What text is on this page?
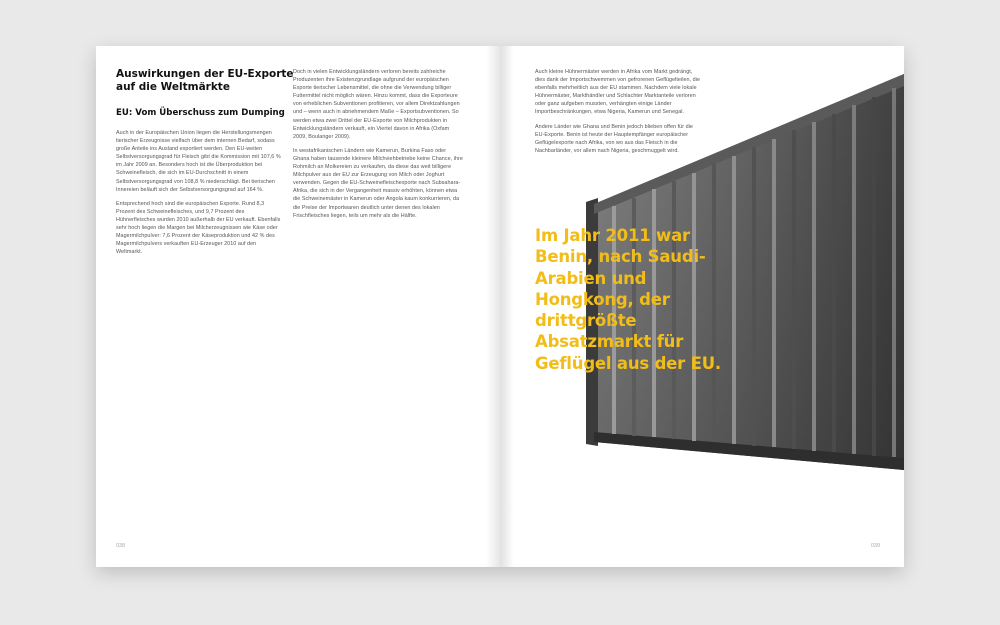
Auswirkungen der EU-Exporte auf die Weltmärkte
EU: Vom Überschuss zum Dumping

Auch in der Europäischen Union liegen die Herstellungsmengen tierischer Erzeugnisse vielfach über dem internen Bedarf, sodass große Anteile ins Ausland exportiert werden. Den EU-weiten Selbstversorgungsgrad für Fleisch gibt die Kommission mit 107,6 % im Jahr 2009 an. Besonders hoch ist die Überproduktion bei Schweinefleisch, die sich im EU-Durchschnitt in einem Selbstversorgungsgrad von 108,8 % niederschlägt. Bei tierischen Innereien beläuft sich der Selbstversorgungsgrad auf 164 %.

Entsprechend hoch sind die europäischen Exporte. Rund 8,3 Prozent des Schweinefleisches, und 9,7 Prozent des Hühnerfleisches wurden 2010 außerhalb der EU verkauft. Ebenfalls sehr hoch liegen die Margen bei Milcherzeugnissen wie Käse oder Magermilchpulver: 7,6 Prozent der Käseproduktion und 42 % des Magermilchpulvers verkauften EU-Erzeuger 2010 auf den Weltmarkt.

Doch in vielen Entwicklungsländern verloren bereits zahlreiche Produzenten ihre Existenzgrundlage aufgrund der europäischen Exporte tierischer Lebensmittel, die ohne die Verwendung billiger Futtermittel nicht möglich wären. Hinzu kommt, dass die Exporteure von erheblichen Subventionen profitieren, vor allem Direktzahlungen und – wenn auch in abnehmendem Maße – Exportsubventionen. So werden etwa zwei Drittel der EU-Exporte von Milchprodukten in Entwicklungsländern verkauft, ein Viertel davon in Afrika (Oxfam 2009, Boulanger 2009).

In westafrikanischen Ländern wie Kamerun, Burkina Faso oder Ghana haben tausende kleinere Milchviehbetriebe keine Chance, ihre Rohmilch an Molkereien zu verkaufen, da diese das weit billigere Milchpulver aus der EU zur Erzeugung von Milch oder Joghurt verwenden. Gegen die EU-Schweinefleischexporte nach Subsahara-Afrika, die sich in der Vergangenheit massiv erhöhten, können etwa die Schweinemäster in Kamerun oder Angola kaum konkurrieren, da die Preise der Importwaren deutlich unter denen des lokalen Frischfleisches liegen, teils um mehr als die Hälfte.

038

Auch kleine Hühnermäster werden in Afrika vom Markt gedrängt, dies dank der Importschwemmen von gefrorenen Geflügelteilen, die ebenfalls mehrheitlich aus der EU stammen. Nachdem viele lokale Hühnermäster, Markthändler und Schlachter Marktanteile verloren oder ganz aufgeben mussten, verhängten einige Länder Importbeschränkungen, etwa Nigeria, Kamerun und Senegal.

Andere Länder wie Ghana und Benin jedoch blieben offen für die EU-Exporte. Benin ist heute der Hauptempfänger europäischer Geflügelexporte nach Afrika, von wo aus das Fleisch in die Nachbarländer, vor allem nach Nigeria, geschmuggelt wird.

Im Jahr 2011 war Benin, nach Saudi-Arabien und Hongkong, der drittgrößte Absatzmarkt für Geflügel aus der EU.
039
